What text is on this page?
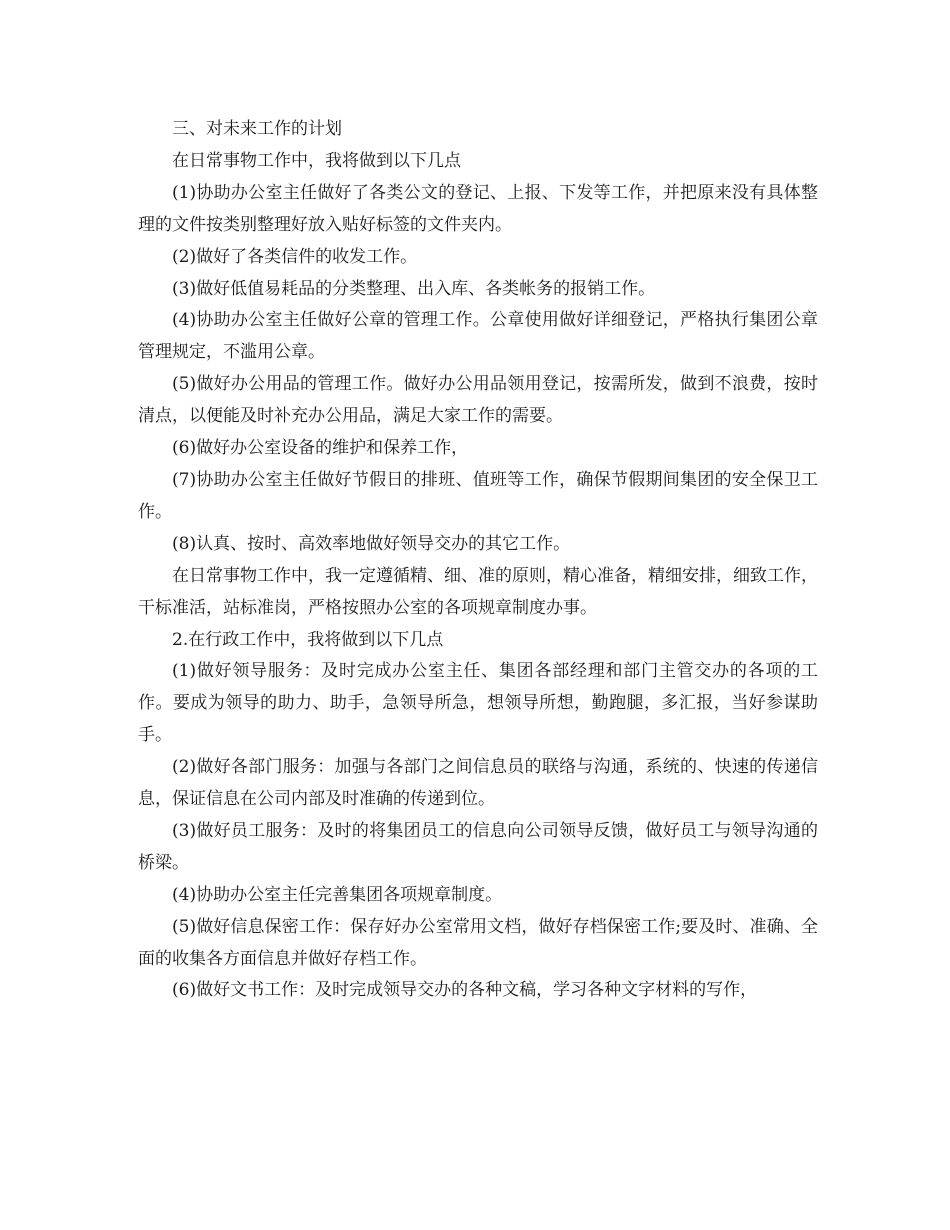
三、对未来工作的计划

在日常事物工作中，我将做到以下几点

(1)协助办公室主任做好了各类公文的登记、上报、下发等工作，并把原来没有具体整理的文件按类别整理好放入贴好标签的文件夹内。

(2)做好了各类信件的收发工作。

(3)做好低值易耗品的分类整理、出入库、各类帐务的报销工作。

(4)协助办公室主任做好公章的管理工作。公章使用做好详细登记，严格执行集团公章管理规定，不滥用公章。

(5)做好办公用品的管理工作。做好办公用品领用登记，按需所发，做到不浪费，按时清点，以便能及时补充办公用品，满足大家工作的需要。

(6)做好办公室设备的维护和保养工作，

(7)协助办公室主任做好节假日的排班、值班等工作，确保节假期间集团的安全保卫工作。

(8)认真、按时、高效率地做好领导交办的其它工作。

在日常事物工作中，我一定遵循精、细、准的原则，精心准备，精细安排，细致工作，干标准活，站标准岗，严格按照办公室的各项规章制度办事。

2.在行政工作中，我将做到以下几点

(1)做好领导服务：及时完成办公室主任、集团各部经理和部门主管交办的各项的工作。要成为领导的助力、助手，急领导所急，想领导所想，勤跑腿，多汇报，当好参谋助手。

(2)做好各部门服务：加强与各部门之间信息员的联络与沟通，系统的、快速的传递信息，保证信息在公司内部及时准确的传递到位。

(3)做好员工服务：及时的将集团员工的信息向公司领导反馈，做好员工与领导沟通的桥梁。

(4)协助办公室主任完善集团各项规章制度。

(5)做好信息保密工作：保存好办公室常用文档，做好存档保密工作;要及时、准确、全面的收集各方面信息并做好存档工作。

(6)做好文书工作：及时完成领导交办的各种文稿，学习各种文字材料的写作，
